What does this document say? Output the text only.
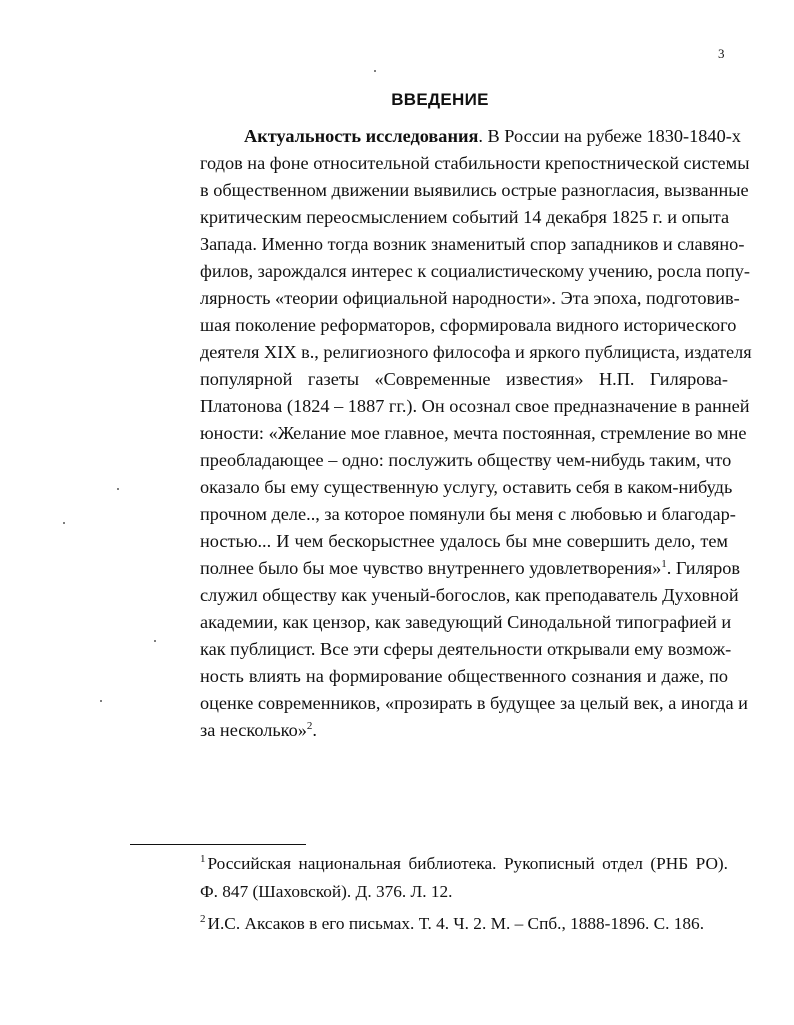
3
ВВЕДЕНИЕ
Актуальность исследования. В России на рубеже 1830-1840-х
годов на фоне относительной стабильности крепостнической системы
в общественном движении выявились острые разногласия, вызванные
критическим переосмыслением событий 14 декабря 1825 г. и опыта
Запада. Именно тогда возник знаменитый спор западников и славяно-
филов, зарождался интерес к социалистическому учению, росла попу-
лярность «теории официальной народности». Эта эпоха, подготовив-
шая поколение реформаторов, сформировала видного исторического
деятеля XIX в., религиозного философа и яркого публициста, издателя
популярной газеты «Современные известия» Н.П. Гилярова-
Платонова (1824 – 1887 гг.). Он осознал свое предназначение в ранней
юности: «Желание мое главное, мечта постоянная, стремление во мне
преобладающее – одно: послужить обществу чем-нибудь таким, что
оказало бы ему существенную услугу, оставить себя в каком-нибудь
прочном деле.., за которое помянули бы меня с любовью и благодар-
ностью... И чем бескорыстнее удалось бы мне совершить дело, тем
полнее было бы мое чувство внутреннего удовлетворения»$^1$. Гиляров
служил обществу как ученый-богослов, как преподаватель Духовной
академии, как цензор, как заведующий Синодальной типографией и
как публицист. Все эти сферы деятельности открывали ему возмож-
ность влиять на формирование общественного сознания и даже, по
оценке современников, «прозирать в будущее за целый век, а иногда и
за несколько»$^2$.
$^1$ Российская национальная библиотека. Рукописный отдел (РНБ РО).
Ф. 847 (Шаховской). Д. 376. Л. 12.
$^2$ И.С. Аксаков в его письмах. Т. 4. Ч. 2. М. – Спб., 1888-1896. С. 186.
